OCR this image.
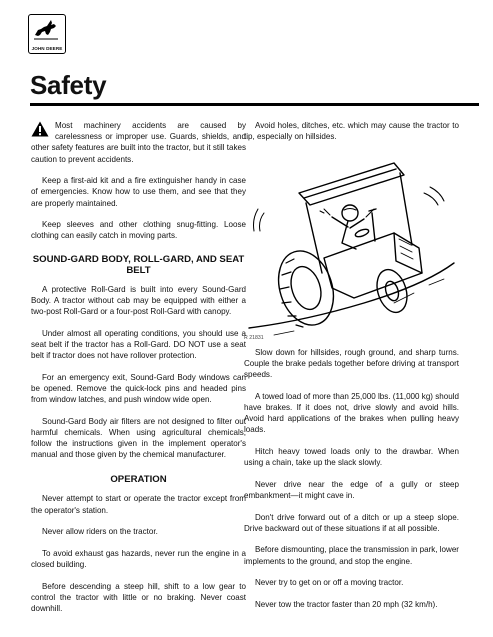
JOHN DEERE
Safety

Most machinery accidents are caused by carelessness or improper use. Guards, shields, and other safety features are built into the tractor, but it still takes caution to prevent accidents.

Keep a first-aid kit and a fire extinguisher handy in case of emergencies. Know how to use them, and see that they are properly maintained.

Keep sleeves and other clothing snug-fitting. Loose clothing can easily catch in moving parts.

SOUND-GARD BODY, ROLL-GARD, AND SEAT BELT

A protective Roll-Gard is built into every Sound-Gard Body. A tractor without cab may be equipped with either a two-post Roll-Gard or a four-post Roll-Gard with canopy.

Under almost all operating conditions, you should use a seat belt if the tractor has a Roll-Gard. DO NOT use a seat belt if tractor does not have rollover protection.

For an emergency exit, Sound-Gard Body windows can be opened. Remove the quick-lock pins and headed pins from window latches, and push window wide open.

Sound-Gard Body air filters are not designed to filter out harmful chemicals. When using agricultural chemicals, follow the instructions given in the implement operator's manual and those given by the chemical manufacturer.

OPERATION

Never attempt to start or operate the tractor except from the operator's station.

Never allow riders on the tractor.

To avoid exhaust gas hazards, never run the engine in a closed building.

Before descending a steep hill, shift to a low gear to control the tractor with little or no braking. Never coast downhill.

Avoid holes, ditches, etc. which may cause the tractor to tip, especially on hillsides.

R 21831

Slow down for hillsides, rough ground, and sharp turns. Couple the brake pedals together before driving at transport speeds.

A towed load of more than 25,000 lbs. (11,000 kg) should have brakes. If it does not, drive slowly and avoid hills. Avoid hard applications of the brakes when pulling heavy loads.

Hitch heavy towed loads only to the drawbar. When using a chain, take up the slack slowly.

Never drive near the edge of a gully or steep embankment—it might cave in.

Don't drive forward out of a ditch or up a steep slope. Drive backward out of these situations if at all possible.

Before dismounting, place the transmission in park, lower implements to the ground, and stop the engine.

Never try to get on or off a moving tractor.

Never tow the tractor faster than 20 mph (32 km/h).
